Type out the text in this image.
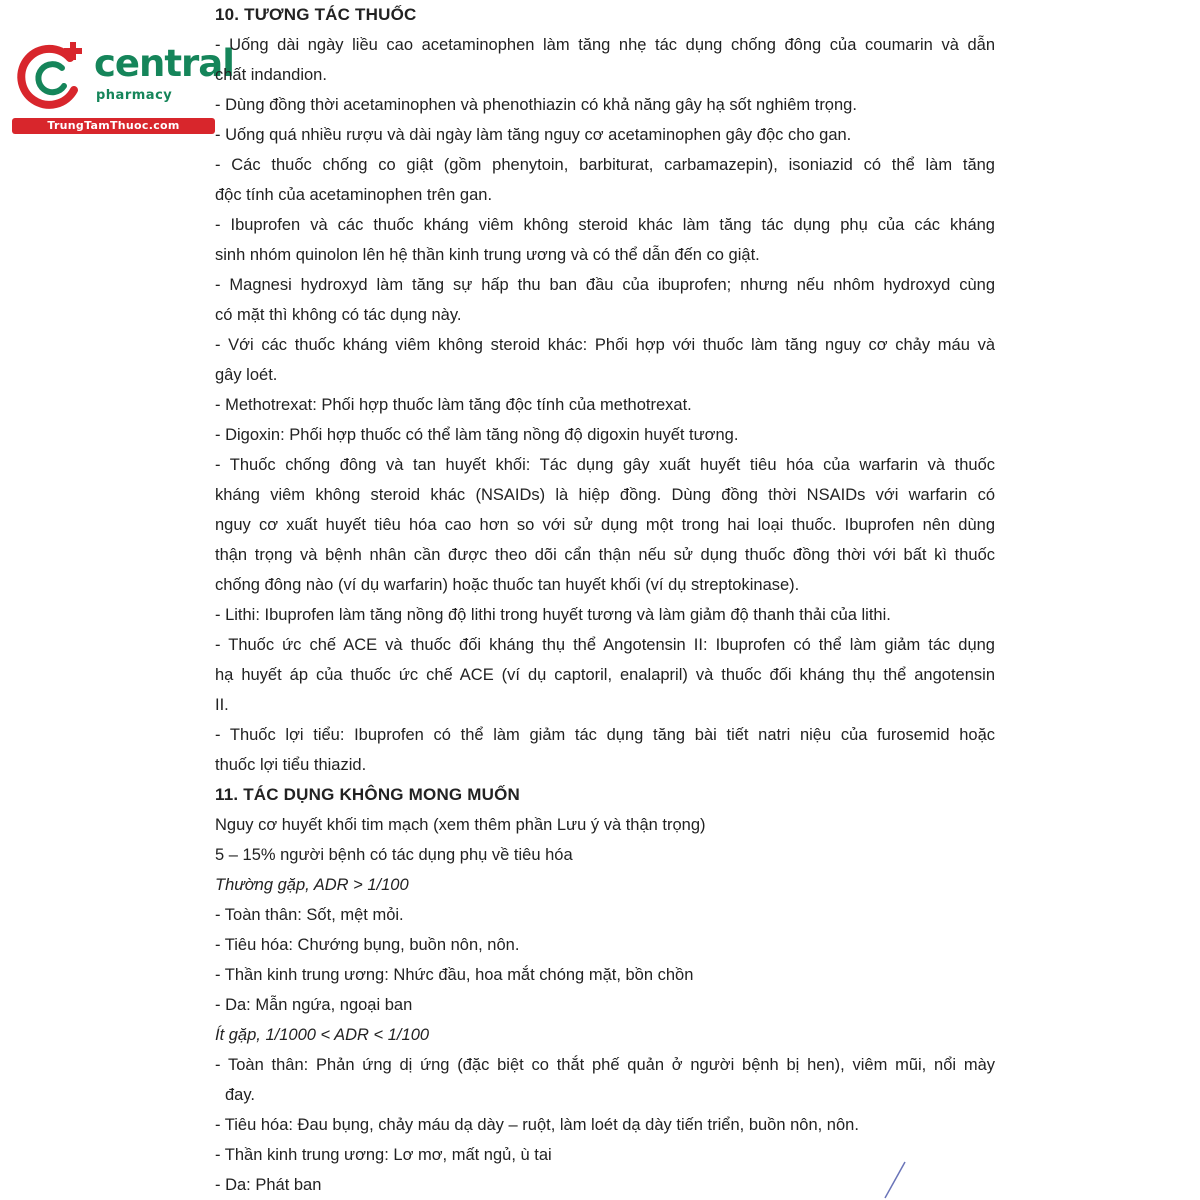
central
pharmacy
TrungTamThuoc.com
10. TƯƠNG TÁC THUỐC
- Uống dài ngày liều cao acetaminophen làm tăng nhẹ tác dụng chống đông của coumarin và dẫn
chất indandion.
- Dùng đồng thời acetaminophen và phenothiazin có khả năng gây hạ sốt nghiêm trọng.
- Uống quá nhiều rượu và dài ngày làm tăng nguy cơ acetaminophen gây độc cho gan.
- Các thuốc chống co giật (gồm phenytoin, barbiturat, carbamazepin), isoniazid có thể làm tăng
độc tính của acetaminophen trên gan.
- Ibuprofen và các thuốc kháng viêm không steroid khác làm tăng tác dụng phụ của các kháng
sinh nhóm quinolon lên hệ thần kinh trung ương và có thể dẫn đến co giật.
- Magnesi hydroxyd làm tăng sự hấp thu ban đầu của ibuprofen; nhưng nếu nhôm hydroxyd cùng
có mặt thì không có tác dụng này.
- Với các thuốc kháng viêm không steroid khác: Phối hợp với thuốc làm tăng nguy cơ chảy máu và
gây loét.
- Methotrexat: Phối hợp thuốc làm tăng độc tính của methotrexat.
- Digoxin: Phối hợp thuốc có thể làm tăng nồng độ digoxin huyết tương.
- Thuốc chống đông và tan huyết khối: Tác dụng gây xuất huyết tiêu hóa của warfarin và thuốc
kháng viêm không steroid khác (NSAIDs) là hiệp đồng. Dùng đồng thời NSAIDs với warfarin có
nguy cơ xuất huyết tiêu hóa cao hơn so với sử dụng một trong hai loại thuốc. Ibuprofen nên dùng
thận trọng và bệnh nhân cần được theo dõi cẩn thận nếu sử dụng thuốc đồng thời với bất kì thuốc
chống đông nào (ví dụ warfarin) hoặc thuốc tan huyết khối (ví dụ streptokinase).
- Lithi: Ibuprofen làm tăng nồng độ lithi trong huyết tương và làm giảm độ thanh thải của lithi.
- Thuốc ức chế ACE và thuốc đối kháng thụ thể Angotensin II: Ibuprofen có thể làm giảm tác dụng
hạ huyết áp của thuốc ức chế ACE (ví dụ captoril, enalapril) và thuốc đối kháng thụ thể angotensin
II.
- Thuốc lợi tiểu: Ibuprofen có thể làm giảm tác dụng tăng bài tiết natri niệu của furosemid hoặc
thuốc lợi tiểu thiazid.
11. TÁC DỤNG KHÔNG MONG MUỐN
Nguy cơ huyết khối tim mạch (xem thêm phần Lưu ý và thận trọng)
5 – 15% người bệnh có tác dụng phụ về tiêu hóa
Thường gặp, ADR > 1/100
- Toàn thân: Sốt, mệt mỏi.
- Tiêu hóa: Chướng bụng, buồn nôn, nôn.
- Thần kinh trung ương: Nhức đầu, hoa mắt chóng mặt, bồn chồn
- Da: Mẫn ngứa, ngoại ban
Ít gặp, 1/1000 < ADR < 1/100
- Toàn thân: Phản ứng dị ứng (đặc biệt co thắt phế quản ở người bệnh bị hen), viêm mũi, nổi mày
đay.
- Tiêu hóa: Đau bụng, chảy máu dạ dày – ruột, làm loét dạ dày tiến triển, buồn nôn, nôn.
- Thần kinh trung ương: Lơ mơ, mất ngủ, ù tai
- Da: Phát ban
